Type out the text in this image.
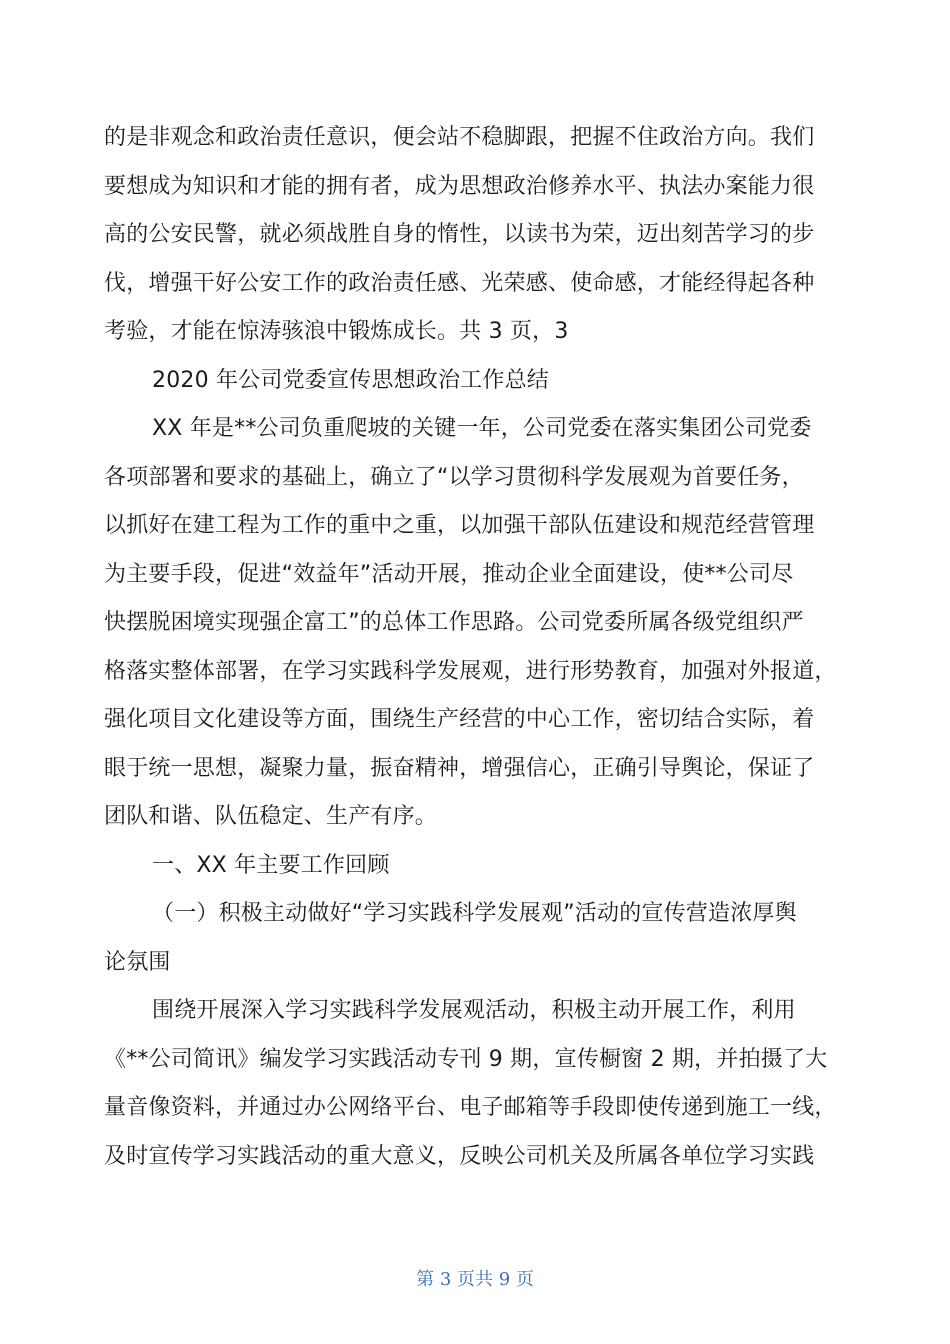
的是非观念和政治责任意识，便会站不稳脚跟，把握不住政治方向。我们
要想成为知识和才能的拥有者，成为思想政治修养水平、执法办案能力很
高的公安民警，就必须战胜自身的惰性，以读书为荣，迈出刻苦学习的步
伐，增强干好公安工作的政治责任感、光荣感、使命感，才能经得起各种
考验，才能在惊涛骇浪中锻炼成长。共 3 页，3
2020 年公司党委宣传思想政治工作总结
XX 年是**公司负重爬坡的关键一年，公司党委在落实集团公司党委
各项部署和要求的基础上，确立了“以学习贯彻科学发展观为首要任务，
以抓好在建工程为工作的重中之重，以加强干部队伍建设和规范经营管理
为主要手段，促进“效益年”活动开展，推动企业全面建设，使**公司尽
快摆脱困境实现强企富工”的总体工作思路。公司党委所属各级党组织严
格落实整体部署，在学习实践科学发展观，进行形势教育，加强对外报道，
强化项目文化建设等方面，围绕生产经营的中心工作，密切结合实际，着
眼于统一思想，凝聚力量，振奋精神，增强信心，正确引导舆论，保证了
团队和谐、队伍稳定、生产有序。
一、XX 年主要工作回顾
（一）积极主动做好“学习实践科学发展观”活动的宣传营造浓厚舆
论氛围
围绕开展深入学习实践科学发展观活动，积极主动开展工作，利用
《**公司简讯》编发学习实践活动专刊 9 期，宣传橱窗 2 期，并拍摄了大
量音像资料，并通过办公网络平台、电子邮箱等手段即使传递到施工一线，
及时宣传学习实践活动的重大意义，反映公司机关及所属各单位学习实践
第 3 页共 9 页
